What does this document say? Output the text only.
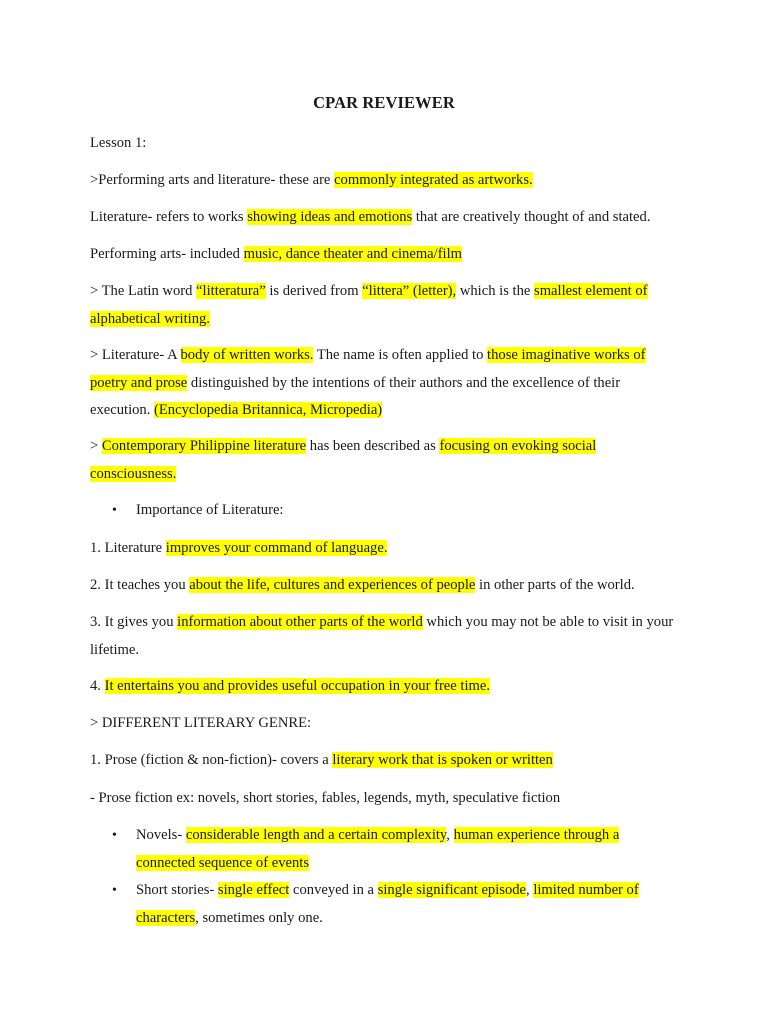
CPAR REVIEWER

Lesson 1:

>Performing arts and literature- these are commonly integrated as artworks.

Literature- refers to works showing ideas and emotions that are creatively thought of and stated.

Performing arts- included music, dance theater and cinema/film

> The Latin word “litteratura” is derived from “littera” (letter), which is the smallest element of alphabetical writing.

> Literature- A body of written works. The name is often applied to those imaginative works of poetry and prose distinguished by the intentions of their authors and the excellence of their execution. (Encyclopedia Britannica, Micropedia)

> Contemporary Philippine literature has been described as focusing on evoking social consciousness.

• Importance of Literature:

1. Literature improves your command of language.

2. It teaches you about the life, cultures and experiences of people in other parts of the world.

3. It gives you information about other parts of the world which you may not be able to visit in your lifetime.

4. It entertains you and provides useful occupation in your free time.

> DIFFERENT LITERARY GENRE:

1. Prose (fiction & non-fiction)- covers a literary work that is spoken or written

- Prose fiction ex: novels, short stories, fables, legends, myth, speculative fiction

• Novels- considerable length and a certain complexity, human experience through a connected sequence of events

• Short stories- single effect conveyed in a single significant episode, limited number of characters, sometimes only one.
